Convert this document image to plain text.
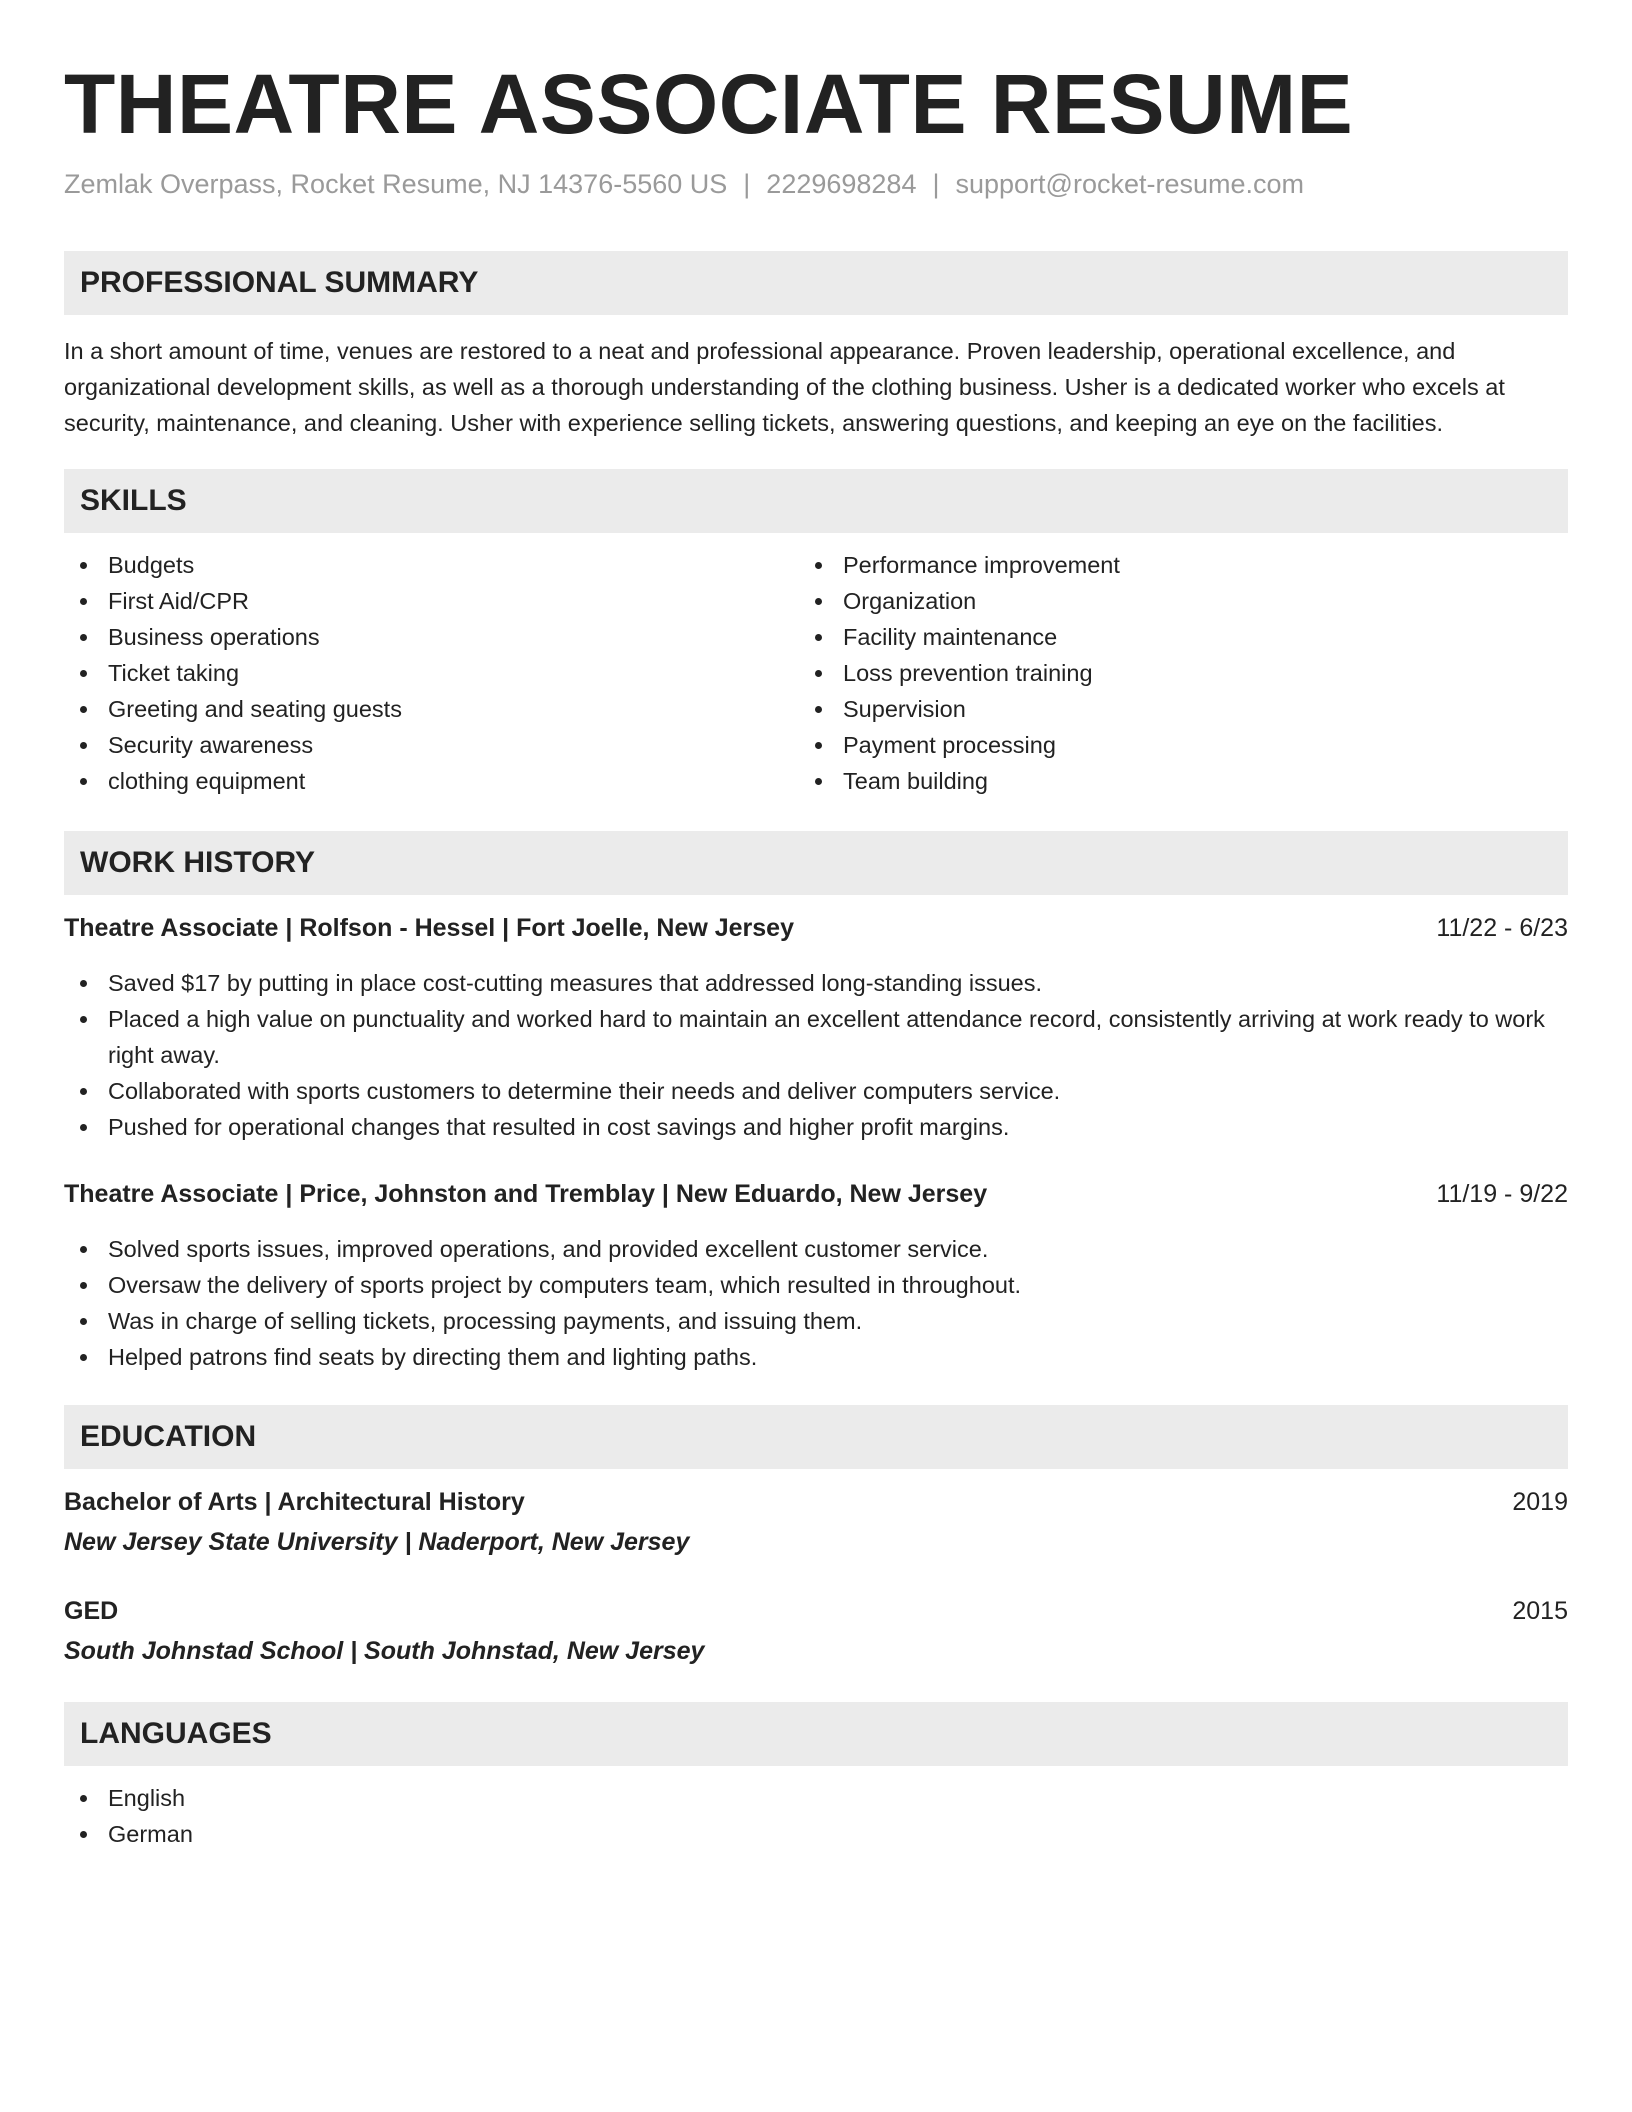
THEATRE ASSOCIATE RESUME
Zemlak Overpass, Rocket Resume, NJ 14376-5560 US | 2229698284 | support@rocket-resume.com
PROFESSIONAL SUMMARY

In a short amount of time, venues are restored to a neat and professional appearance. Proven leadership, operational excellence, and organizational development skills, as well as a thorough understanding of the clothing business. Usher is a dedicated worker who excels at security, maintenance, and cleaning. Usher with experience selling tickets, answering questions, and keeping an eye on the facilities.

SKILLS
Budgets
First Aid/CPR
Business operations
Ticket taking
Greeting and seating guests
Security awareness
clothing equipment
Performance improvement
Organization
Facility maintenance
Loss prevention training
Supervision
Payment processing
Team building
WORK HISTORY
Theatre Associate | Rolfson - Hessel | Fort Joelle, New Jersey	11/22 - 6/23
Saved $17 by putting in place cost-cutting measures that addressed long-standing issues.
Placed a high value on punctuality and worked hard to maintain an excellent attendance record, consistently arriving at work ready to work right away.
Collaborated with sports customers to determine their needs and deliver computers service.
Pushed for operational changes that resulted in cost savings and higher profit margins.
Theatre Associate | Price, Johnston and Tremblay | New Eduardo, New Jersey	11/19 - 9/22
Solved sports issues, improved operations, and provided excellent customer service.
Oversaw the delivery of sports project by computers team, which resulted in throughout.
Was in charge of selling tickets, processing payments, and issuing them.
Helped patrons find seats by directing them and lighting paths.
EDUCATION
Bachelor of Arts | Architectural History	2019
New Jersey State University | Naderport, New Jersey
GED	2015
South Johnstad School | South Johnstad, New Jersey
LANGUAGES
English
German
